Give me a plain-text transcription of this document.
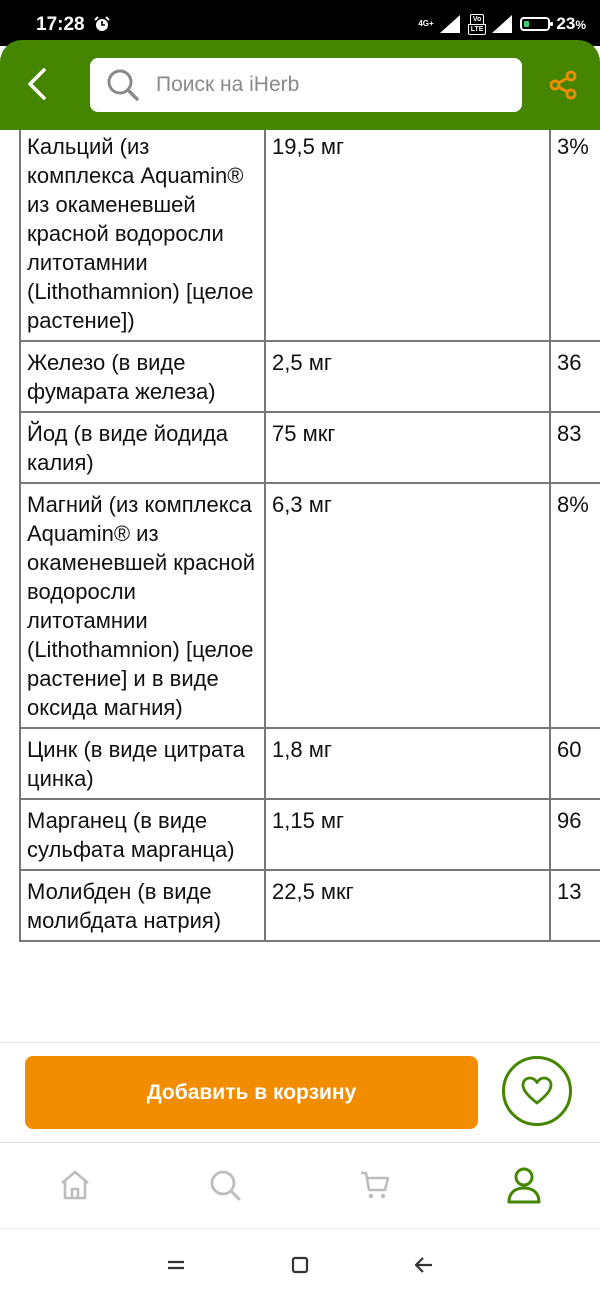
17:28	4G+	Vo
LTE	23%
Поиск на iHerb
Кальций (из комплекса Aquamin® из окаменевшей красной водоросли литотамнии (Lithothamnion) [целое растение])	19,5 мг	3%
Железо (в виде фумарата железа)	2,5 мг	36
Йод (в виде йодида калия)	75 мкг	83
Магний (из комплекса Aquamin® из окаменевшей красной водоросли литотамнии (Lithothamnion) [целое растение] и в виде оксида магния)	6,3 мг	8%
Цинк (в виде цитрата цинка)	1,8 мг	60
Марганец (в виде сульфата марганца)	1,15 мг	96
Молибден (в виде молибдата натрия)	22,5 мкг	13
Добавить в корзину
